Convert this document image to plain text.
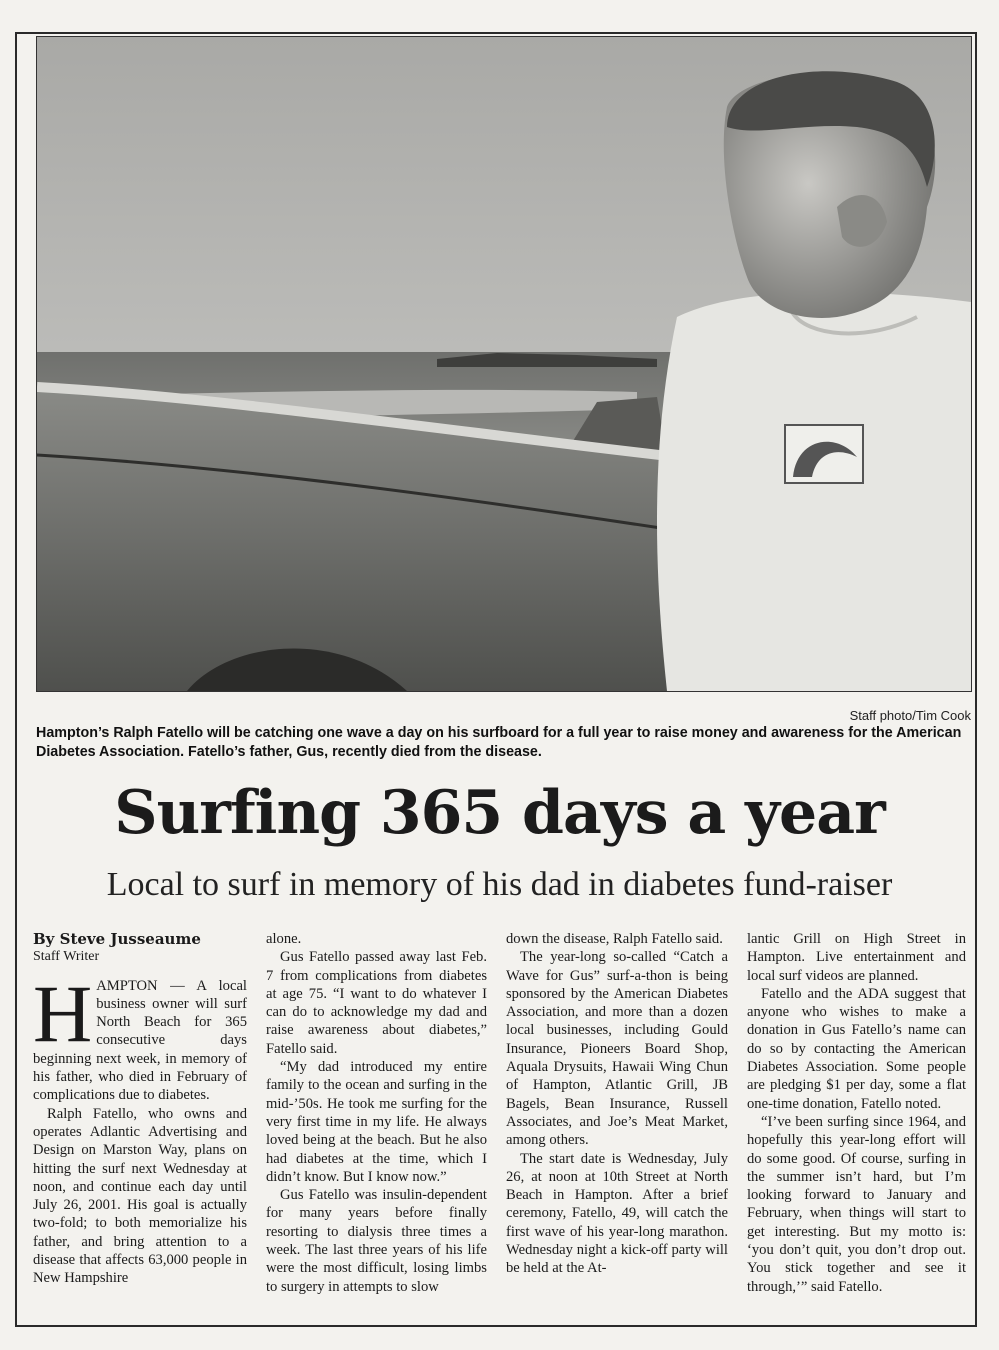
Staff photo/Tim Cook
Hampton’s Ralph Fatello will be catching one wave a day on his surfboard for a full year to raise money and awareness for the American Diabetes Association. Fatello’s father, Gus, recently died from the disease.
Surfing 365 days a year
Local to surf in memory of his dad in diabetes fund-raiser
By Steve Jusseaume
Staff Writer

HAMPTON — A local business owner will surf North Beach for 365 consecutive days beginning next week, in memory of his father, who died in February of complications due to diabetes.

Ralph Fatello, who owns and operates Adlantic Advertising and Design on Marston Way, plans on hitting the surf next Wednesday at noon, and continue each day until July 26, 2001. His goal is actually two-fold; to both memorialize his father, and bring attention to a disease that affects 63,000 people in New Hampshire

alone.

Gus Fatello passed away last Feb. 7 from complications from diabetes at age 75. “I want to do whatever I can do to acknowledge my dad and raise awareness about diabetes,” Fatello said.

“My dad introduced my entire family to the ocean and surfing in the mid-’50s. He took me surfing for the very first time in my life. He always loved being at the beach. But he also had diabetes at the time, which I didn’t know. But I know now.”

Gus Fatello was insulin-dependent for many years before finally resorting to dialysis three times a week. The last three years of his life were the most difficult, losing limbs to surgery in attempts to slow

down the disease, Ralph Fatello said.

The year-long so-called “Catch a Wave for Gus” surf-a-thon is being sponsored by the American Diabetes Association, and more than a dozen local businesses, including Gould Insurance, Pioneers Board Shop, Aquala Drysuits, Hawaii Wing Chun of Hampton, Atlantic Grill, JB Bagels, Bean Insurance, Russell Associates, and Joe’s Meat Market, among others.

The start date is Wednesday, July 26, at noon at 10th Street at North Beach in Hampton. After a brief ceremony, Fatello, 49, will catch the first wave of his year-long marathon. Wednesday night a kick-off party will be held at the At-

lantic Grill on High Street in Hampton. Live entertainment and local surf videos are planned.

Fatello and the ADA suggest that anyone who wishes to make a donation in Gus Fatello’s name can do so by contacting the American Diabetes Association. Some people are pledging $1 per day, some a flat one-time donation, Fatello noted.

“I’ve been surfing since 1964, and hopefully this year-long effort will do some good. Of course, surfing in the summer isn’t hard, but I’m looking forward to January and February, when things will start to get interesting. But my motto is: ‘you don’t quit, you don’t drop out. You stick together and see it through,’” said Fatello.
